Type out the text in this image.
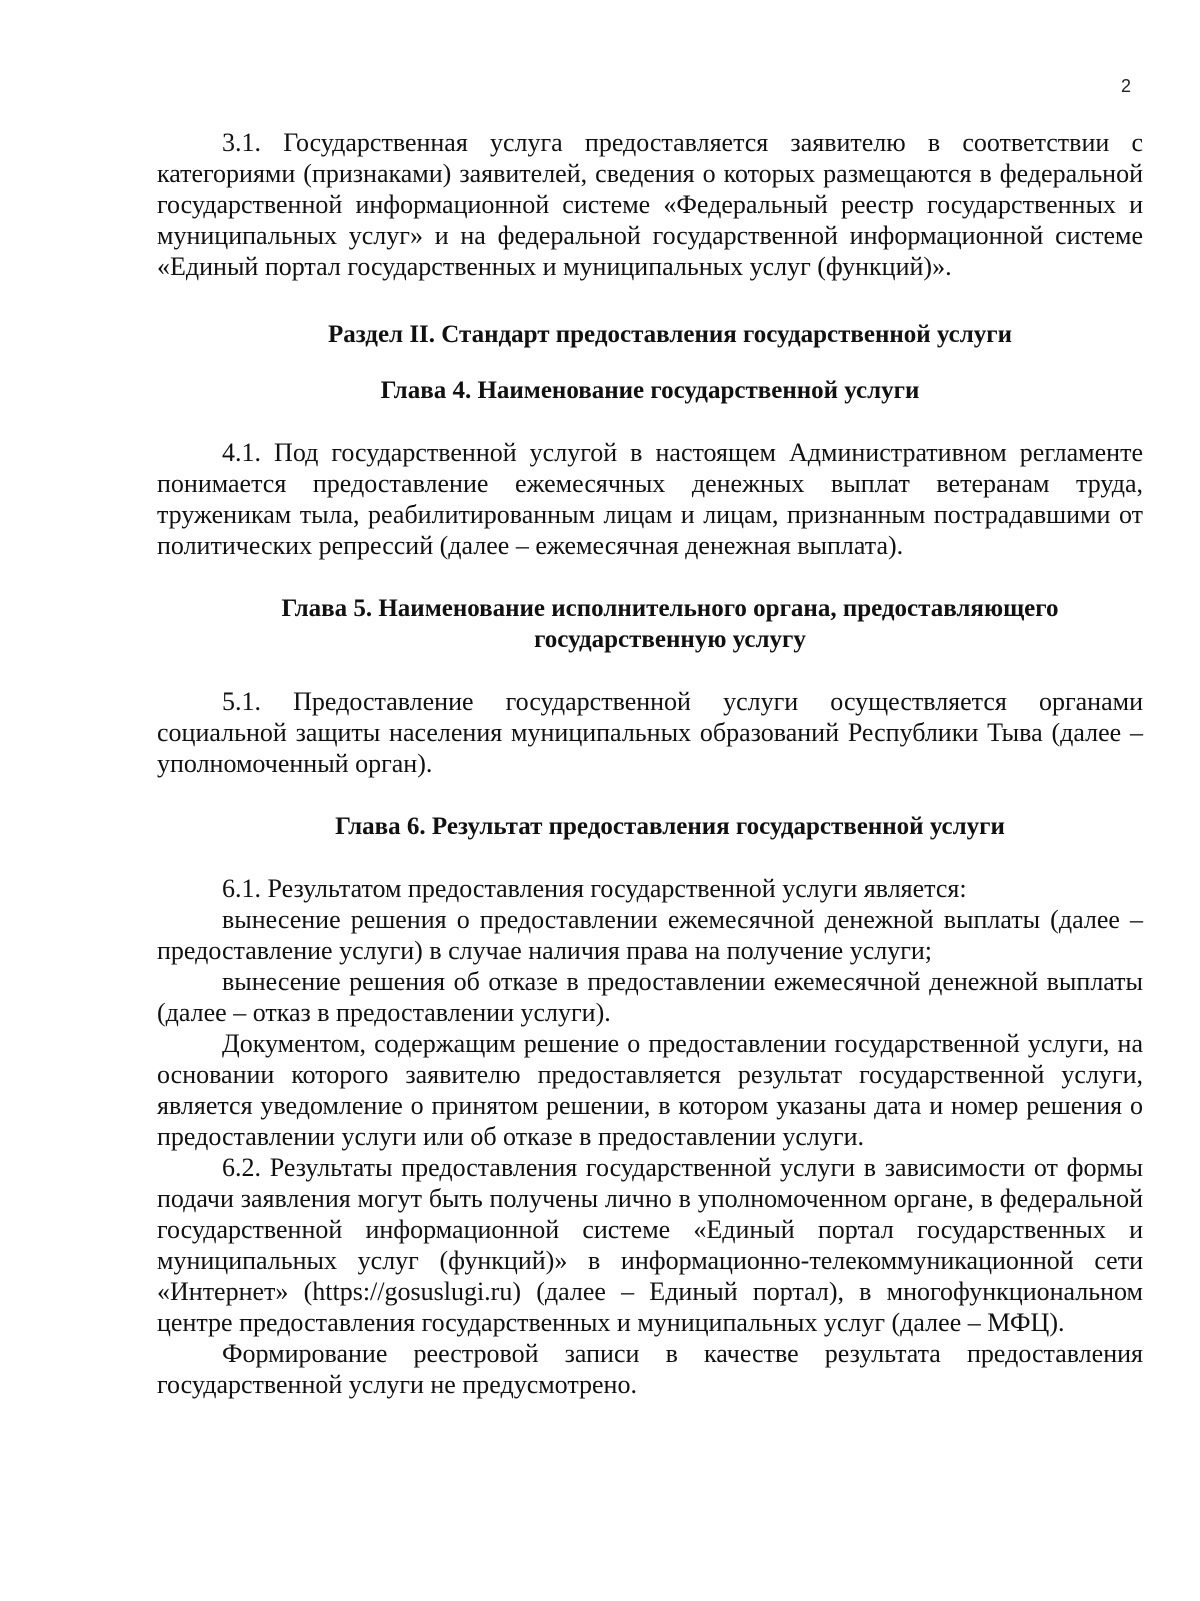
2

3.1. Государственная услуга предоставляется заявителю в соответствии с категориями (признаками) заявителей, сведения о которых размещаются в федеральной государственной информационной системе «Федеральный реестр государственных и муниципальных услуг» и на федеральной государственной информационной системе «Единый портал государственных и муниципальных услуг (функций)».

Раздел II. Стандарт предоставления государственной услуги
Глава 4. Наименование государственной услуги

4.1. Под государственной услугой в настоящем Административном регламенте понимается предоставление ежемесячных денежных выплат ветеранам труда, труженикам тыла, реабилитированным лицам и лицам, признанным пострадавшими от политических репрессий (далее – ежемесячная денежная выплата).

Глава 5. Наименование исполнительного органа, предоставляющего государственную услугу

5.1. Предоставление государственной услуги осуществляется органами социальной защиты населения муниципальных образований Республики Тыва (далее – уполномоченный орган).

Глава 6. Результат предоставления государственной услуги

6.1. Результатом предоставления государственной услуги является:

вынесение решения о предоставлении ежемесячной денежной выплаты (далее – предоставление услуги) в случае наличия права на получение услуги;

вынесение решения об отказе в предоставлении ежемесячной денежной выплаты (далее – отказ в предоставлении услуги).

Документом, содержащим решение о предоставлении государственной услуги, на основании которого заявителю предоставляется результат государственной услуги, является уведомление о принятом решении, в котором указаны дата и номер решения о предоставлении услуги или об отказе в предоставлении услуги.

6.2. Результаты предоставления государственной услуги в зависимости от формы подачи заявления могут быть получены лично в уполномоченном органе, в федеральной государственной информационной системе «Единый портал государственных и муниципальных услуг (функций)» в информационно-телекоммуникационной сети «Интернет» (https://gosuslugi.ru) (далее – Единый портал), в многофункциональном центре предоставления государственных и муниципальных услуг (далее – МФЦ).

Формирование реестровой записи в качестве результата предоставления государственной услуги не предусмотрено.
